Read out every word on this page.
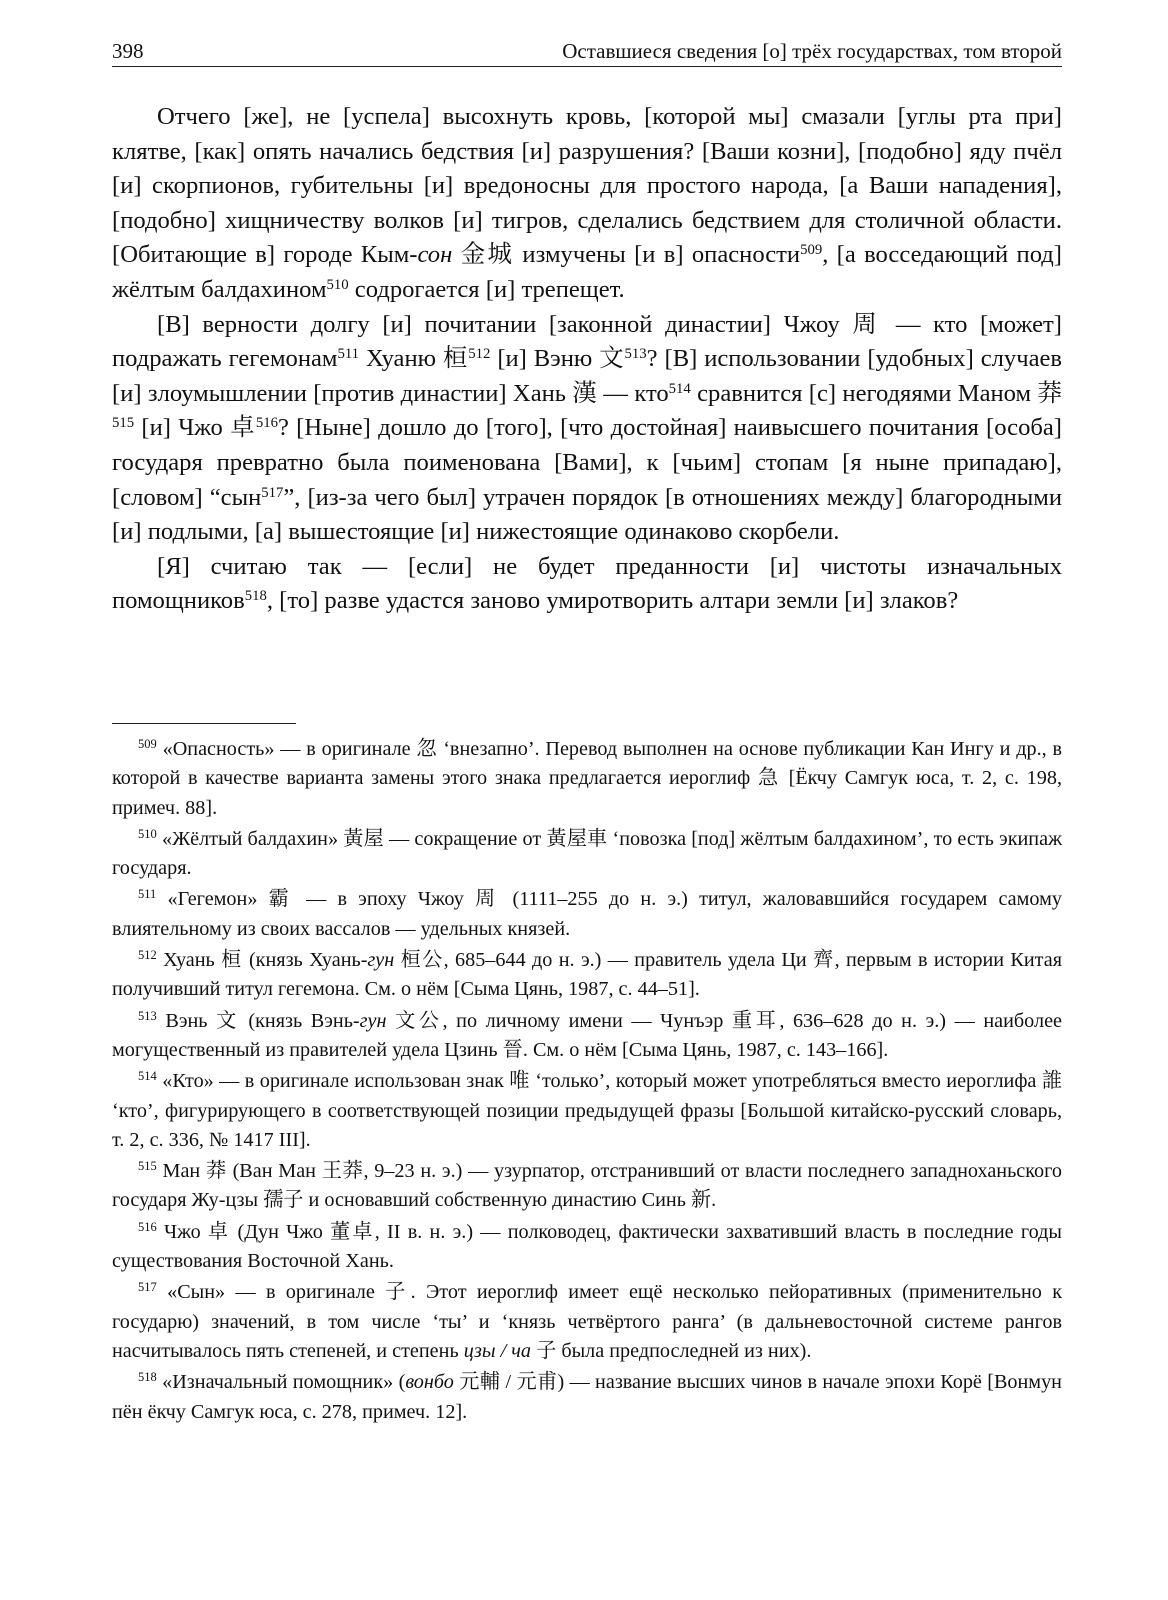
398	Оставшиеся сведения [о] трёх государствах, том второй

Отчего [же], не [успела] высохнуть кровь, [которой мы] смазали [углы рта при] клятве, [как] опять начались бедствия [и] разрушения? [Ваши козни], [подобно] яду пчёл [и] скорпионов, губительны [и] вредоносны для простого народа, [а Ваши нападения], [подобно] хищничеству волков [и] тигров, сделались бедствием для столичной области. [Обитающие в] городе Кым-сон 金城 измучены [и в] опасности$^{509}$, [а восседающий под] жёлтым балдахином$^{510}$ содрогается [и] трепещет.

[В] верности долгу [и] почитании [законной династии] Чжоу 周 — кто [может] подражать гегемонам$^{511}$ Хуаню 桓$^{512}$ [и] Вэню 文$^{513}$? [В] использовании [удобных] случаев [и] злоумышлении [против династии] Хань 漢 — кто$^{514}$ сравнится [с] негодяями Маном 莽$^{515}$ [и] Чжо 卓$^{516}$? [Ныне] дошло до [того], [что достойная] наивысшего почитания [особа] государя превратно была поименована [Вами], к [чьим] стопам [я ныне припадаю], [словом] “сын$^{517}$”, [из-за чего был] утрачен порядок [в отношениях между] благородными [и] подлыми, [а] вышестоящие [и] нижестоящие одинаково скорбели.

[Я] считаю так — [если] не будет преданности [и] чистоты изначальных помощников$^{518}$, [то] разве удастся заново умиротворить алтари земли [и] злаков?

$^{509}$ «Опасность» — в оригинале 忽 ‘внезапно’. Перевод выполнен на основе публикации Кан Ингу и др., в которой в качестве варианта замены этого знака предлагается иероглиф 急 [Ёкчу Самгук юса, т. 2, с. 198, примеч. 88].

$^{510}$ «Жёлтый балдахин» 黃屋 — сокращение от 黃屋車 ‘повозка [под] жёлтым балдахином’, то есть экипаж государя.

$^{511}$ «Гегемон» 霸 — в эпоху Чжоу 周 (1111–255 до н. э.) титул, жаловавшийся государем самому влиятельному из своих вассалов — удельных князей.

$^{512}$ Хуань 桓 (князь Хуань-гун 桓公, 685–644 до н. э.) — правитель удела Ци 齊, первым в истории Китая получивший титул гегемона. См. о нём [Сыма Цянь, 1987, с. 44–51].

$^{513}$ Вэнь 文 (князь Вэнь-гун 文公, по личному имени — Чунъэр 重耳, 636–628 до н. э.) — наиболее могущественный из правителей удела Цзинь 晉. См. о нём [Сыма Цянь, 1987, с. 143–166].

$^{514}$ «Кто» — в оригинале использован знак 唯 ‘только’, который может употребляться вместо иероглифа 誰 ‘кто’, фигурирующего в соответствующей позиции предыдущей фразы [Большой китайско-русский словарь, т. 2, с. 336, № 1417 III].

$^{515}$ Ман 莽 (Ван Ман 王莽, 9–23 н. э.) — узурпатор, отстранивший от власти последнего западноханьского государя Жу-цзы 孺子 и основавший собственную династию Синь 新.

$^{516}$ Чжо 卓 (Дун Чжо 董卓, II в. н. э.) — полководец, фактически захвативший власть в последние годы существования Восточной Хань.

$^{517}$ «Сын» — в оригинале 子. Этот иероглиф имеет ещё несколько пейоративных (применительно к государю) значений, в том числе ‘ты’ и ‘князь четвёртого ранга’ (в дальневосточной системе рангов насчитывалось пять степеней, и степень цзы / ча 子 была предпоследней из них).

$^{518}$ «Изначальный помощник» (вонбо 元輔 / 元甫) — название высших чинов в начале эпохи Корё [Вонмун пён ёкчу Самгук юса, с. 278, примеч. 12].
